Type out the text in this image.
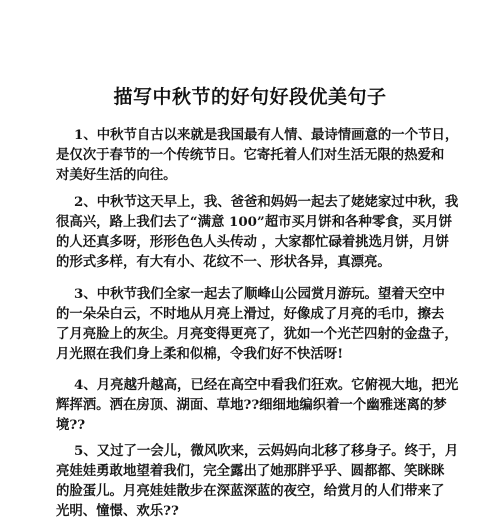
描写中秋节的好句好段优美句子
1、中秋节自古以来就是我国最有人情、最诗情画意的一个节日，
是仅次于春节的一个传统节日。它寄托着人们对生活无限的热爱和
对美好生活的向往。
2、中秋节这天早上，我、爸爸和妈妈一起去了姥姥家过中秋，我
很高兴，路上我们去了“满意 100”超市买月饼和各种零食，买月饼
的人还真多呀，形形色色人头传动 ，大家都忙碌着挑选月饼，月饼
的形式多样，有大有小、花纹不一、形状各异，真漂亮。
3、中秋节我们全家一起去了顺峰山公园赏月游玩。望着天空中
的一朵朵白云，不时地从月亮上滑过，好像成了月亮的毛巾，擦去
了月亮脸上的灰尘。月亮变得更亮了，犹如一个光芒四射的金盘子，
月光照在我们身上柔和似棉，令我们好不快活呀!
4、月亮越升越高，已经在高空中看我们狂欢。它俯视大地，把光
辉挥洒。洒在房顶、湖面、草地??细细地编织着一个幽雅迷离的梦
境??
5、又过了一会儿，微风吹来，云妈妈向北移了移身子。终于，月
亮娃娃勇敢地望着我们，完全露出了她那胖乎乎、圆都都、笑眯眯
的脸蛋儿。月亮娃娃散步在深蓝深蓝的夜空，给赏月的人们带来了
光明、憧憬、欢乐??
